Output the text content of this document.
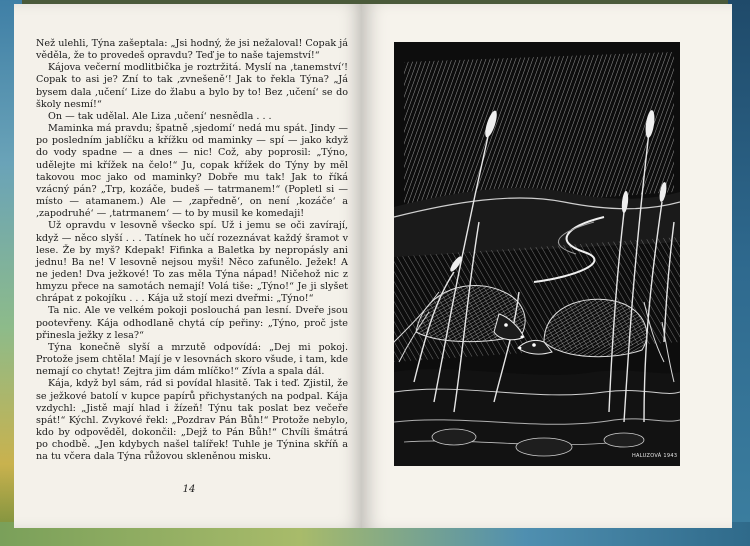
Než ulehli, Týna zašeptala: „Jsi hodný, že jsi nežaloval! Copak já věděla, že to provedeš opravdu? Teď je to naše tajemství!“

Kájova večerní modlitbička je roztržitá. Myslí na ‚tanemství‘! Copak to asi je? Zní to tak ‚zvnešeně‘! Jak to řekla Týna? „Já bysem dala ‚učení‘ Lize do žlabu a bylo by to! Bez ‚učení‘ se do školy nesmí!“

On — tak udělal. Ale Liza ‚učení‘ nesnědla . . .

Maminka má pravdu; špatně ‚sjedomí‘ nedá mu spát. Jindy — po posledním jablíčku a křížku od maminky — spí — jako když do vody spadne — a dnes — nic! Což, aby poprosil: „Týno, udělejte mi křížek na čelo!“ Ju, copak křížek do Týny by měl takovou moc jako od maminky? Dobře mu tak! Jak to říká vzácný pán? „Trp, kozáče, budeš — tatrmanem!“ (Popletl si — místo — atamanem.) Ale — ‚zapředně‘, on není ‚kozáče‘ a ‚zapodruhé‘ — ‚tatrmanem‘ — to by musil ke komedaji!

Už opravdu v lesovně všecko spí. Už i jemu se oči zavírají, když — něco slyší . . . Tatínek ho učí rozeznávat každý šramot v lese. Že by myš? Kdepak! Fifinka a Baletka by nepropásly ani jednu! Ba ne! V lesovně nejsou myši! Něco zafunělo. Ježek! A ne jeden! Dva ježkové! To zas měla Týna nápad! Ničehož nic z hmyzu přece na samotách nemají! Volá tiše: „Týno!“ Je ji slyšet chrápat z pokojíku . . . Kája už stojí mezi dveřmi: „Týno!“

Ta nic. Ale ve velkém pokoji poslouchá pan lesní. Dveře jsou pootevřeny. Kája odhodlaně chytá cíp peřiny: „Týno, proč jste přinesla ježky z lesa?“

Týna konečně slyší a mrzutě odpovídá: „Dej mi pokoj. Protože jsem chtěla! Mají je v lesovnách skoro všude, i tam, kde nemají co chytat! Zejtra jim dám mlíčko!“ Zívla a spala dál.

Kája, když byl sám, rád si povídal hlasitě. Tak i teď. Zjistil, že se ježkové batolí v kupce papírů přichystaných na podpal. Kája vzdychl: „Jistě mají hlad i žízeň! Týnu tak poslat bez večeře spát!“ Kýchl. Zvykové řekl: „Pozdrav Pán Bůh!“ Protože nebylo, kdo by odpověděl, dokončil: „Dejž to Pán Bůh!“ Chvíli šmátrá po chodbě. „Jen kdybych našel talířek! Tuhle je Týnina skříň a na tu včera dala Týna růžovou skleněnou misku.

14
HALUZOVÁ 1943
